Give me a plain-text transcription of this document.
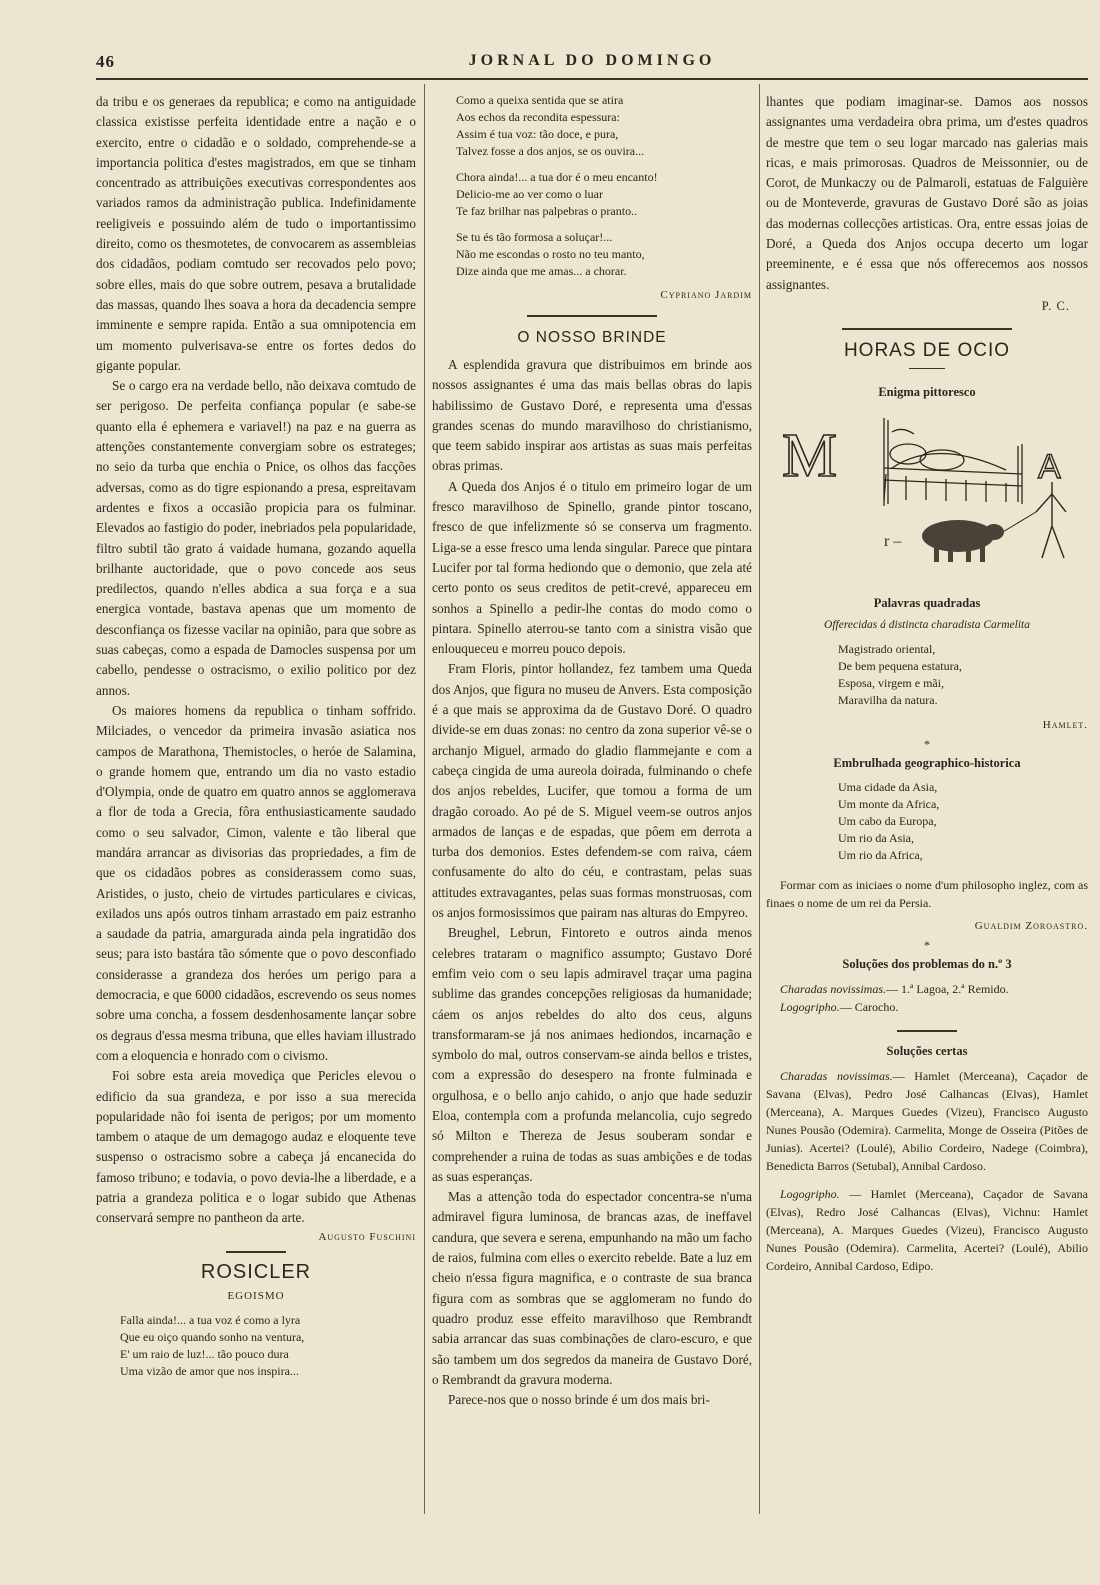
46	JORNAL DO DOMINGO

da tribu e os generaes da republica; e como na antiguidade classica existisse perfeita identidade entre a nação e o exercito, entre o cidadão e o soldado, comprehende-se a importancia politica d'estes magistrados, em que se tinham concentrado as attribuições executivas correspondentes aos variados ramos da administração publica. Indefinidamente reeligiveis e possuindo além de tudo o importantissimo direito, como os thesmotetes, de convocarem as assembleias dos cidadãos, podiam comtudo ser recovados pelo povo; sobre elles, mais do que sobre outrem, pesava a brutalidade das massas, quando lhes soava a hora da decadencia sempre imminente e sempre rapida. Então a sua omnipotencia em um momento pulverisava-se entre os fortes dedos do gigante popular.

Se o cargo era na verdade bello, não deixava comtudo de ser perigoso. De perfeita confiança popular (e sabe-se quanto ella é ephemera e variavel!) na paz e na guerra as attenções constantemente convergiam sobre os estrateges; no seio da turba que enchia o Pnice, os olhos das facções adversas, como as do tigre espionando a presa, espreitavam ardentes e fixos a occasião propicia para os fulminar. Elevados ao fastigio do poder, inebriados pela popularidade, filtro subtil tão grato á vaidade humana, gozando aquella brilhante auctoridade, que o povo concede aos seus predilectos, quando n'elles abdica a sua força e a sua energica vontade, bastava apenas que um momento de desconfiança os fizesse vacilar na opinião, para que sobre as suas cabeças, como a espada de Damocles suspensa por um cabello, pendesse o ostracismo, o exilio politico por dez annos.

Os maiores homens da republica o tinham soffrido. Milciades, o vencedor da primeira invasão asiatica nos campos de Marathona, Themistocles, o heróe de Salamina, o grande homem que, entrando um dia no vasto estadio d'Olympia, onde de quatro em quatro annos se agglomerava a flor de toda a Grecia, fôra enthusiasticamente saudado como o seu salvador, Cimon, valente e tão liberal que mandára arrancar as divisorias das propriedades, a fim de que os cidadãos pobres as considerassem como suas, Aristides, o justo, cheio de virtudes particulares e civicas, exilados uns após outros tinham arrastado em paiz estranho a saudade da patria, amargurada ainda pela ingratidão dos seus; para isto bastára tão sómente que o povo desconfiado considerasse a grandeza dos heróes um perigo para a democracia, e que 6000 cidadãos, escrevendo os seus nomes sobre uma concha, a fossem desdenhosamente lançar sobre os degraus d'essa mesma tribuna, que elles haviam illustrado com a eloquencia e honrado com o civismo.

Foi sobre esta areia movediça que Pericles elevou o edificio da sua grandeza, e por isso a sua merecida popularidade não foi isenta de perigos; por um momento tambem o ataque de um demagogo audaz e eloquente teve suspenso o ostracismo sobre a cabeça já encanecida do famoso tribuno; e todavia, o povo devia-lhe a liberdade, e a patria a grandeza politica e o logar subido que Athenas conservará sempre no pantheon da arte.

Augusto Fuschini
ROSICLER
EGOISMO
Falla ainda!... a tua voz é como a lyra
Que eu oiço quando sonho na ventura,
E' um raio de luz!... tão pouco dura
Uma vizão de amor que nos inspira...
Como a queixa sentida que se atira
Aos echos da recondita espessura:
Assim é tua voz: tão doce, e pura,
Talvez fosse a dos anjos, se os ouvira...
Chora ainda!... a tua dor é o meu encanto!
Delicio-me ao ver como o luar
Te faz brilhar nas palpebras o pranto..
Se tu és tão formosa a soluçar!...
Não me escondas o rosto no teu manto,
Dize ainda que me amas... a chorar.
Cypriano Jardim
O NOSSO BRINDE

A esplendida gravura que distribuimos em brinde aos nossos assignantes é uma das mais bellas obras do lapis habilissimo de Gustavo Doré, e representa uma d'essas grandes scenas do mundo maravilhoso do christianismo, que teem sabido inspirar aos artistas as suas mais perfeitas obras primas.

A Queda dos Anjos é o titulo em primeiro logar de um fresco maravilhoso de Spinello, grande pintor toscano, fresco de que infelizmente só se conserva um fragmento. Liga-se a esse fresco uma lenda singular. Parece que pintara Lucifer por tal forma hediondo que o demonio, que zela até certo ponto os seus creditos de petit-crevé, appareceu em sonhos a Spinello a pedir-lhe contas do modo como o pintara. Spinello aterrou-se tanto com a sinistra visão que enlouqueceu e morreu pouco depois.

Fram Floris, pintor hollandez, fez tambem uma Queda dos Anjos, que figura no museu de Anvers. Esta composição é a que mais se approxima da de Gustavo Doré. O quadro divide-se em duas zonas: no centro da zona superior vê-se o archanjo Miguel, armado do gladio flammejante e com a cabeça cingida de uma aureola doirada, fulminando o chefe dos anjos rebeldes, Lucifer, que tomou a forma de um dragão coroado. Ao pé de S. Miguel veem-se outros anjos armados de lanças e de espadas, que pôem em derrota a turba dos demonios. Estes defendem-se com raiva, cáem confusamente do alto do céu, e contrastam, pelas suas attitudes extravagantes, pelas suas formas monstruosas, com os anjos formosissimos que pairam nas alturas do Empyreo.

Breughel, Lebrun, Fintoreto e outros ainda menos celebres trataram o magnifico assumpto; Gustavo Doré emfim veio com o seu lapis admiravel traçar uma pagina sublime das grandes concepções religiosas da humanidade; cáem os anjos rebeldes do alto dos ceus, alguns transformaram-se já nos animaes hediondos, incarnação e symbolo do mal, outros conservam-se ainda bellos e tristes, com a expressão do desespero na fronte fulminada e orgulhosa, e o bello anjo cahido, o anjo que hade seduzir Eloa, contempla com a profunda melancolia, cujo segredo só Milton e Thereza de Jesus souberam sondar e comprehender a ruina de todas as suas ambições e de todas as suas esperanças.

Mas a attenção toda do espectador concentra-se n'uma admiravel figura luminosa, de brancas azas, de ineffavel candura, que severa e serena, empunhando na mão um facho de raios, fulmina com elles o exercito rebelde. Bate a luz em cheio n'essa figura magnifica, e o contraste de sua branca figura com as sombras que se agglomeram no fundo do quadro produz esse effeito maravilhoso que Rembrandt sabia arrancar das suas combinações de claro-escuro, e que são tambem um dos segredos da maneira de Gustavo Doré, o Rembrandt da gravura moderna.

Parece-nos que o nosso brinde é um dos mais bri-

lhantes que podiam imaginar-se. Damos aos nossos assignantes uma verdadeira obra prima, um d'estes quadros de mestre que tem o seu logar marcado nas galerias mais ricas, e mais primorosas. Quadros de Meissonnier, ou de Corot, de Munkaczy ou de Palmaroli, estatuas de Falguière ou de Monteverde, gravuras de Gustavo Doré são as joias das modernas collecções artisticas. Ora, entre essas joias de Doré, a Queda dos Anjos occupa decerto um logar preeminente, e é essa que nós offerecemos aos nossos assignantes.

P. C.
HORAS DE OCIO
Enigma pittoresco
M	A
r –
Palavras quadradas
Offerecidas á distincta charadista Carmelita
Magistrado oriental,
De bem pequena estatura,
Esposa, virgem e mãi,
Maravilha da natura.
Hamlet.
*
Embrulhada geographico-historica
Uma cidade da Asia,
Um monte da Africa,
Um cabo da Europa,
Um rio da Asia,
Um rio da Africa,

Formar com as iniciaes o nome d'um philosopho inglez, com as finaes o nome de um rei da Persia.

Gualdim Zoroastro.
*
Soluções dos problemas do n.º 3

Charadas novissimas.— 1.ª Lagoa, 2.ª Remido.

Logogripho.— Carocho.

Soluções certas

Charadas novissimas.— Hamlet (Merceana), Caçador de Savana (Elvas), Pedro José Calhancas (Elvas), Hamlet (Merceana), A. Marques Guedes (Vizeu), Francisco Augusto Nunes Pousão (Odemira). Carmelita, Monge de Osseira (Pitões de Junias). Acertei? (Loulé), Abilio Cordeiro, Nadege (Coimbra), Benedicta Barros (Setubal), Annibal Cardoso.

Logogripho. — Hamlet (Merceana), Caçador de Savana (Elvas), Redro José Calhancas (Elvas), Vichnu: Hamlet (Merceana), A. Marques Guedes (Vizeu), Francisco Augusto Nunes Pousão (Odemira). Carmelita, Acertei? (Loulé), Abilio Cordeiro, Annibal Cardoso, Edipo.
